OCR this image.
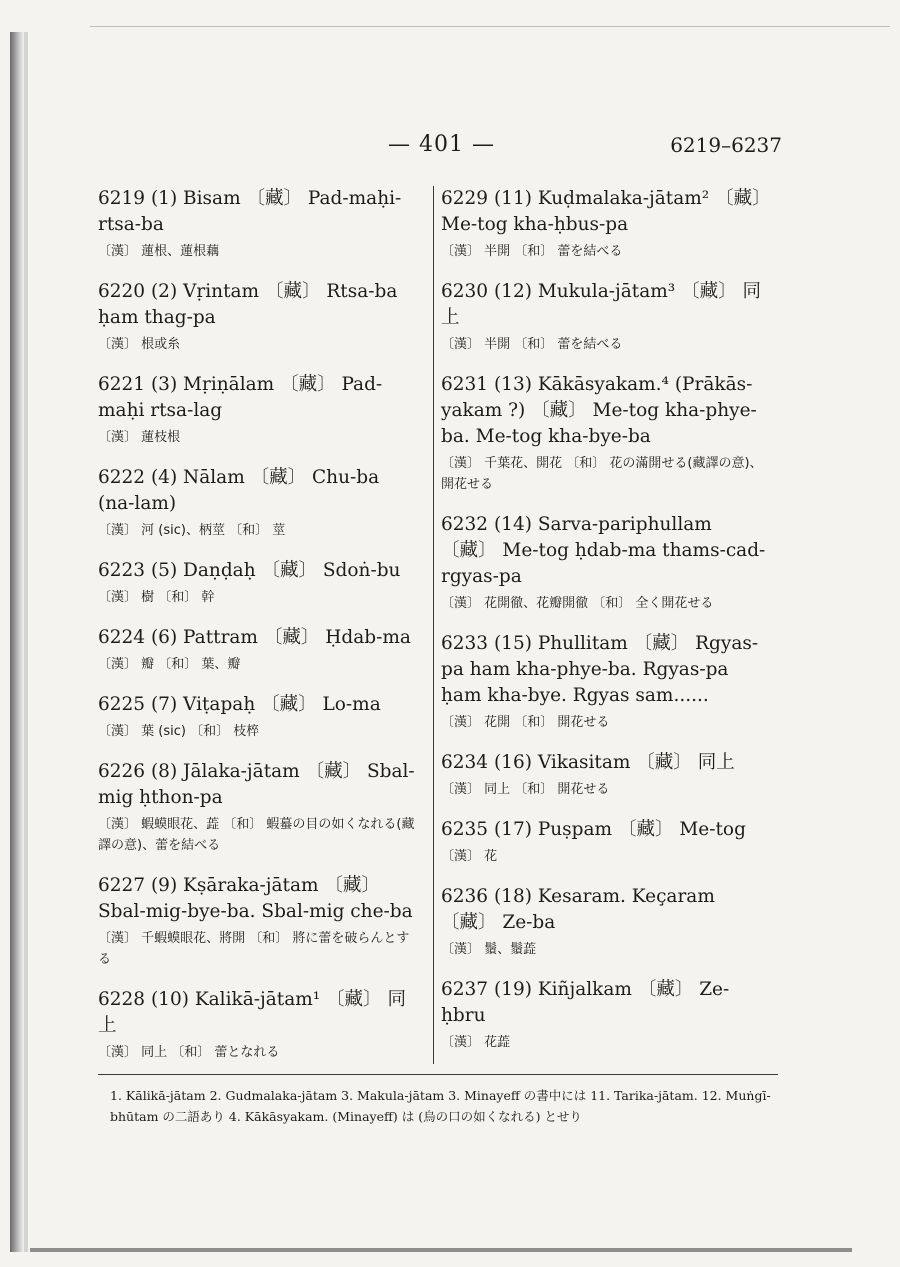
— 401 —	6219–6237
6219 (1) Bisam 〔藏〕 Pad-maḥi-rtsa-ba
〔漢〕 蓮根、蓮根藕
6220 (2) Vṛintam 〔藏〕 Rtsa-ba ḥam thag-pa
〔漢〕 根或糸
6221 (3) Mṛiṇālam 〔藏〕 Pad-maḥi rtsa-lag
〔漢〕 蓮枝根
6222 (4) Nālam 〔藏〕 Chu-ba (na-lam)
〔漢〕 河 (sic)、柄莖 〔和〕 莖
6223 (5) Daṇḍaḥ 〔藏〕 Sdoṅ-bu
〔漢〕 樹 〔和〕 幹
6224 (6) Pattram 〔藏〕 Ḥdab-ma
〔漢〕 瓣 〔和〕 葉、瓣
6225 (7) Viṭapaḥ 〔藏〕 Lo-ma
〔漢〕 葉 (sic) 〔和〕 枝椊
6226 (8) Jālaka-jātam 〔藏〕 Sbal-mig ḥthon-pa
〔漢〕 蝦蟆眼花、蕋 〔和〕 蝦蟇の目の如くなれる(藏譯の意)、蕾を結べる
6227 (9) Kṣāraka-jātam 〔藏〕 Sbal-mig-bye-ba. Sbal-mig che-ba
〔漢〕 千蝦蟆眼花、將開 〔和〕 將に蕾を破らんとする
6228 (10) Kalikā-jātam¹ 〔藏〕 同上
〔漢〕 同上 〔和〕 蕾となれる
6229 (11) Kuḍmalaka-jātam² 〔藏〕 Me-tog kha-ḥbus-pa
〔漢〕 半開 〔和〕 蕾を結べる
6230 (12) Mukula-jātam³ 〔藏〕 同上
〔漢〕 半開 〔和〕 蕾を結べる
6231 (13) Kākāsyakam.⁴ (Prākās-yakam ?) 〔藏〕 Me-tog kha-phye-ba. Me-tog kha-bye-ba
〔漢〕 千葉花、開花 〔和〕 花の滿開せる(藏譯の意)、開花せる
6232 (14) Sarva-pariphullam 〔藏〕 Me-tog ḥdab-ma thams-cad-rgyas-pa
〔漢〕 花開徹、花瓣開徹 〔和〕 全く開花せる
6233 (15) Phullitam 〔藏〕 Rgyas-pa ham kha-phye-ba. Rgyas-pa ḥam kha-bye. Rgyas sam......
〔漢〕 花開 〔和〕 開花せる
6234 (16) Vikasitam 〔藏〕 同上
〔漢〕 同上 〔和〕 開花せる
6235 (17) Puṣpam 〔藏〕 Me-tog
〔漢〕 花
6236 (18) Kesaram. Keçaram 〔藏〕 Ze-ba
〔漢〕 鬚、鬚蕋
6237 (19) Kiñjalkam 〔藏〕 Ze-ḥbru
〔漢〕 花蕋
1. Kālikā-jātam 2. Gudmalaka-jātam 3. Makula-jātam 3. Minayeff の書中には 11. Tarika-jātam. 12. Muṅgī-bhūtam の二語あり 4. Kākāsyakam. (Minayeff) は (烏の口の如くなれる) とせり
